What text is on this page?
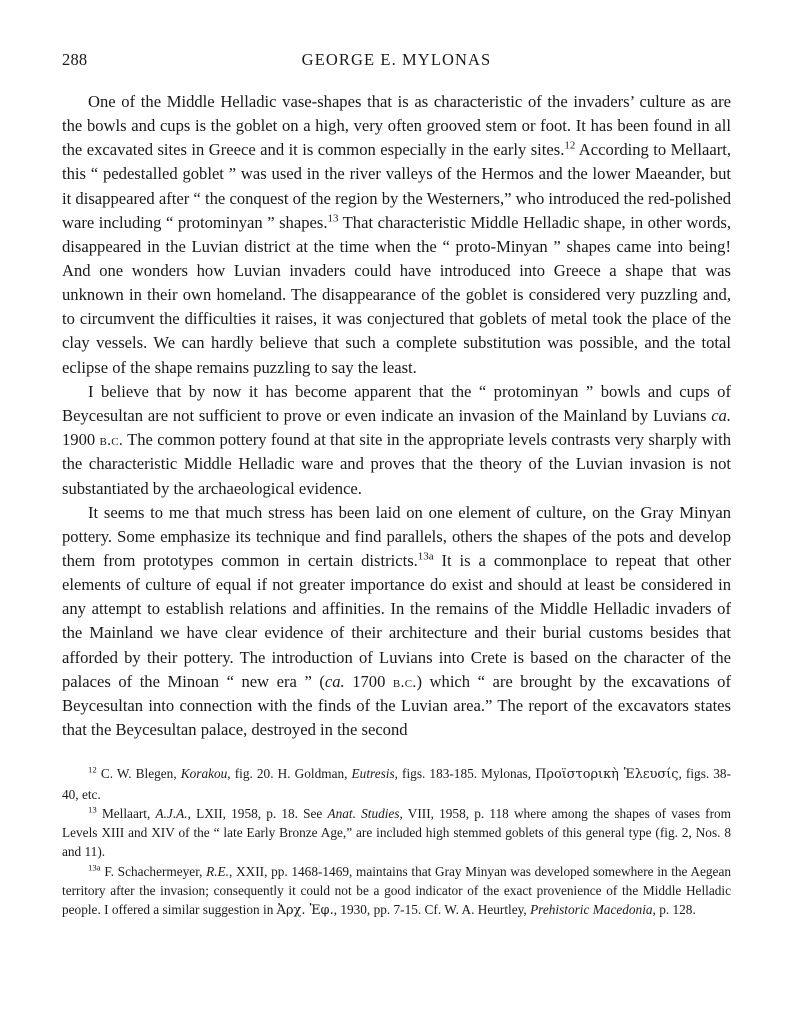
288	GEORGE E. MYLONAS

One of the Middle Helladic vase-shapes that is as characteristic of the invaders’ culture as are the bowls and cups is the goblet on a high, very often grooved stem or foot. It has been found in all the excavated sites in Greece and it is common especially in the early sites.$^{12}$ According to Mellaart, this “ pedestalled goblet ” was used in the river valleys of the Hermos and the lower Maeander, but it disappeared after “ the conquest of the region by the Westerners,” who introduced the red-polished ware including “ protominyan ” shapes.$^{13}$ That characteristic Middle Helladic shape, in other words, disappeared in the Luvian district at the time when the “ proto-Minyan ” shapes came into being! And one wonders how Luvian invaders could have introduced into Greece a shape that was unknown in their own homeland. The disappearance of the goblet is considered very puzzling and, to circumvent the difficulties it raises, it was conjectured that goblets of metal took the place of the clay vessels. We can hardly believe that such a complete substitution was possible, and the total eclipse of the shape remains puzzling to say the least.

I believe that by now it has become apparent that the “ protominyan ” bowls and cups of Beycesultan are not sufficient to prove or even indicate an invasion of the Mainland by Luvians ca. 1900 b.c. The common pottery found at that site in the appropriate levels contrasts very sharply with the characteristic Middle Helladic ware and proves that the theory of the Luvian invasion is not substantiated by the archaeological evidence.

It seems to me that much stress has been laid on one element of culture, on the Gray Minyan pottery. Some emphasize its technique and find parallels, others the shapes of the pots and develop them from prototypes common in certain districts.$^{13a}$ It is a commonplace to repeat that other elements of culture of equal if not greater importance do exist and should at least be considered in any attempt to establish relations and affinities. In the remains of the Middle Helladic invaders of the Mainland we have clear evidence of their architecture and their burial customs besides that afforded by their pottery. The introduction of Luvians into Crete is based on the character of the palaces of the Minoan “ new era ” (ca. 1700 b.c.) which “ are brought by the excavations of Beycesultan into connection with the finds of the Luvian area.” The report of the excavators states that the Beycesultan palace, destroyed in the second

$^{12}$ C. W. Blegen, Korakou, fig. 20. H. Goldman, Eutresis, figs. 183-185. Mylonas, Πρoϊστορικὴ Ἐλευσίς, figs. 38-40, etc.

$^{13}$ Mellaart, A.J.A., LXII, 1958, p. 18. See Anat. Studies, VIII, 1958, p. 118 where among the shapes of vases from Levels XIII and XIV of the “ late Early Bronze Age,” are included high stemmed goblets of this general type (fig. 2, Nos. 8 and 11).

$^{13a}$ F. Schachermeyer, R.E., XXII, pp. 1468-1469, maintains that Gray Minyan was developed somewhere in the Aegean territory after the invasion; consequently it could not be a good indicator of the exact provenience of the Middle Helladic people. I offered a similar suggestion in Ἀρχ. Ἐφ., 1930, pp. 7-15. Cf. W. A. Heurtley, Prehistoric Macedonia, p. 128.
